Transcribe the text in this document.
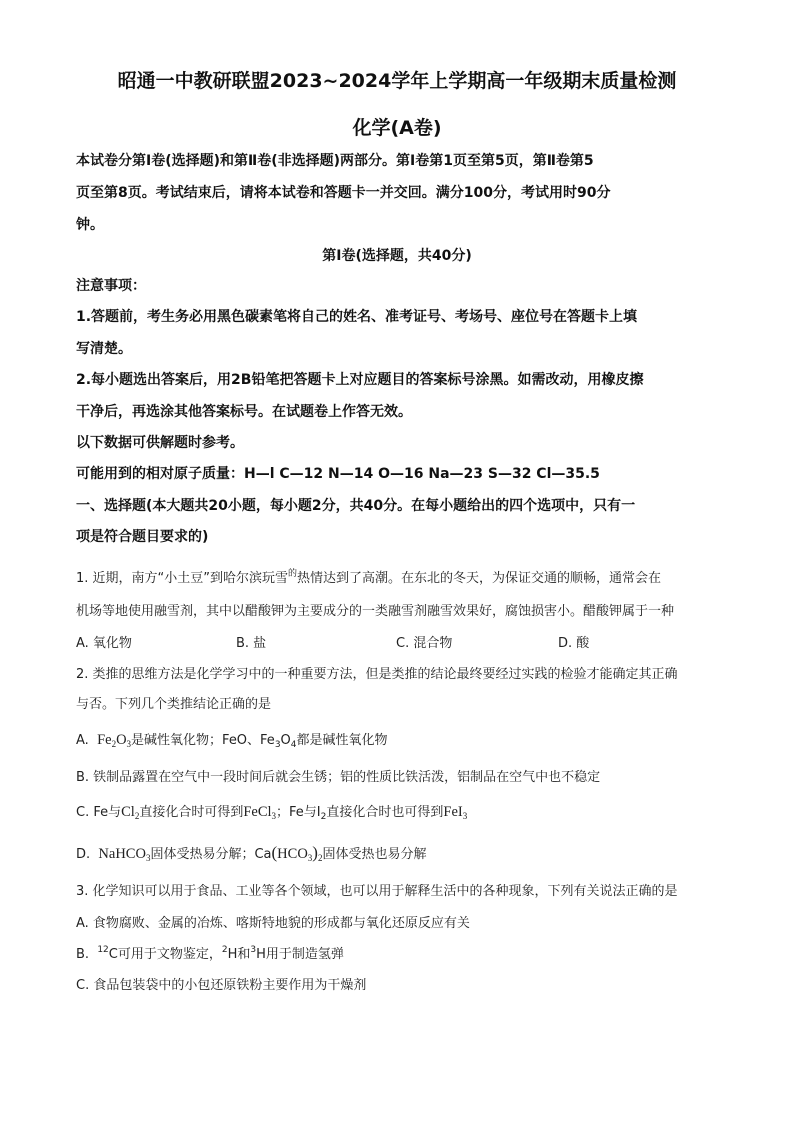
昭通一中教研联盟2023~2024学年上学期高一年级期末质量检测
化学(A卷)
本试卷分第Ⅰ卷(选择题)和第Ⅱ卷(非选择题)两部分。第Ⅰ卷第1页至第5页，第Ⅱ卷第5
页至第8页。考试结束后，请将本试卷和答题卡一并交回。满分100分，考试用时90分
钟。
第Ⅰ卷(选择题，共40分)
注意事项：
1.答题前，考生务必用黑色碳素笔将自己的姓名、准考证号、考场号、座位号在答题卡上填
写清楚。
2.每小题选出答案后，用2B铅笔把答题卡上对应题目的答案标号涂黑。如需改动，用橡皮擦
干净后，再选涂其他答案标号。在试题卷上作答无效。
以下数据可供解题时参考。
可能用到的相对原子质量：H—l C—12 N—14 O—16 Na—23 S—32 Cl—35.5
一、选择题(本大题共20小题，每小题2分，共40分。在每小题给出的四个选项中，只有一
项是符合题目要求的)
1. 近期，南方“小土豆”到哈尔滨玩雪$^的$热情达到了高潮。在东北的冬天，为保证交通的顺畅，通常会在
机场等地使用融雪剂，其中以醋酸钾为主要成分的一类融雪剂融雪效果好，腐蚀损害小。醋酸钾属于一种
A. 氧化物	B. 盐	C. 混合物	D. 酸
2. 类推的思维方法是化学学习中的一种重要方法，但是类推的结论最终要经过实践的检验才能确定其正确
与否。下列几个类推结论正确的是
A. $Fe_2O_3$是碱性氧化物；FeO、$Fe_3O_4$都是碱性氧化物
B. 铁制品露置在空气中一段时间后就会生锈；铝的性质比铁活泼，铝制品在空气中也不稳定
C. Fe与$Cl_2$直接化合时可得到FeCl$_3$；Fe与$I_2$直接化合时也可得到FeI$_3$
D. NaHCO$_3$固体受热易分解；$Ca(HCO_3)_2$固体受热也易分解
3. 化学知识可以用于食品、工业等各个领域，也可以用于解释生活中的各种现象，下列有关说法正确的是
A. 食物腐败、金属的冶炼、喀斯特地貌的形成都与氧化还原反应有关
B. $^{12}$C可用于文物鉴定，$^2$H和$^3$H用于制造氢弹
C. 食品包装袋中的小包还原铁粉主要作用为干燥剂
